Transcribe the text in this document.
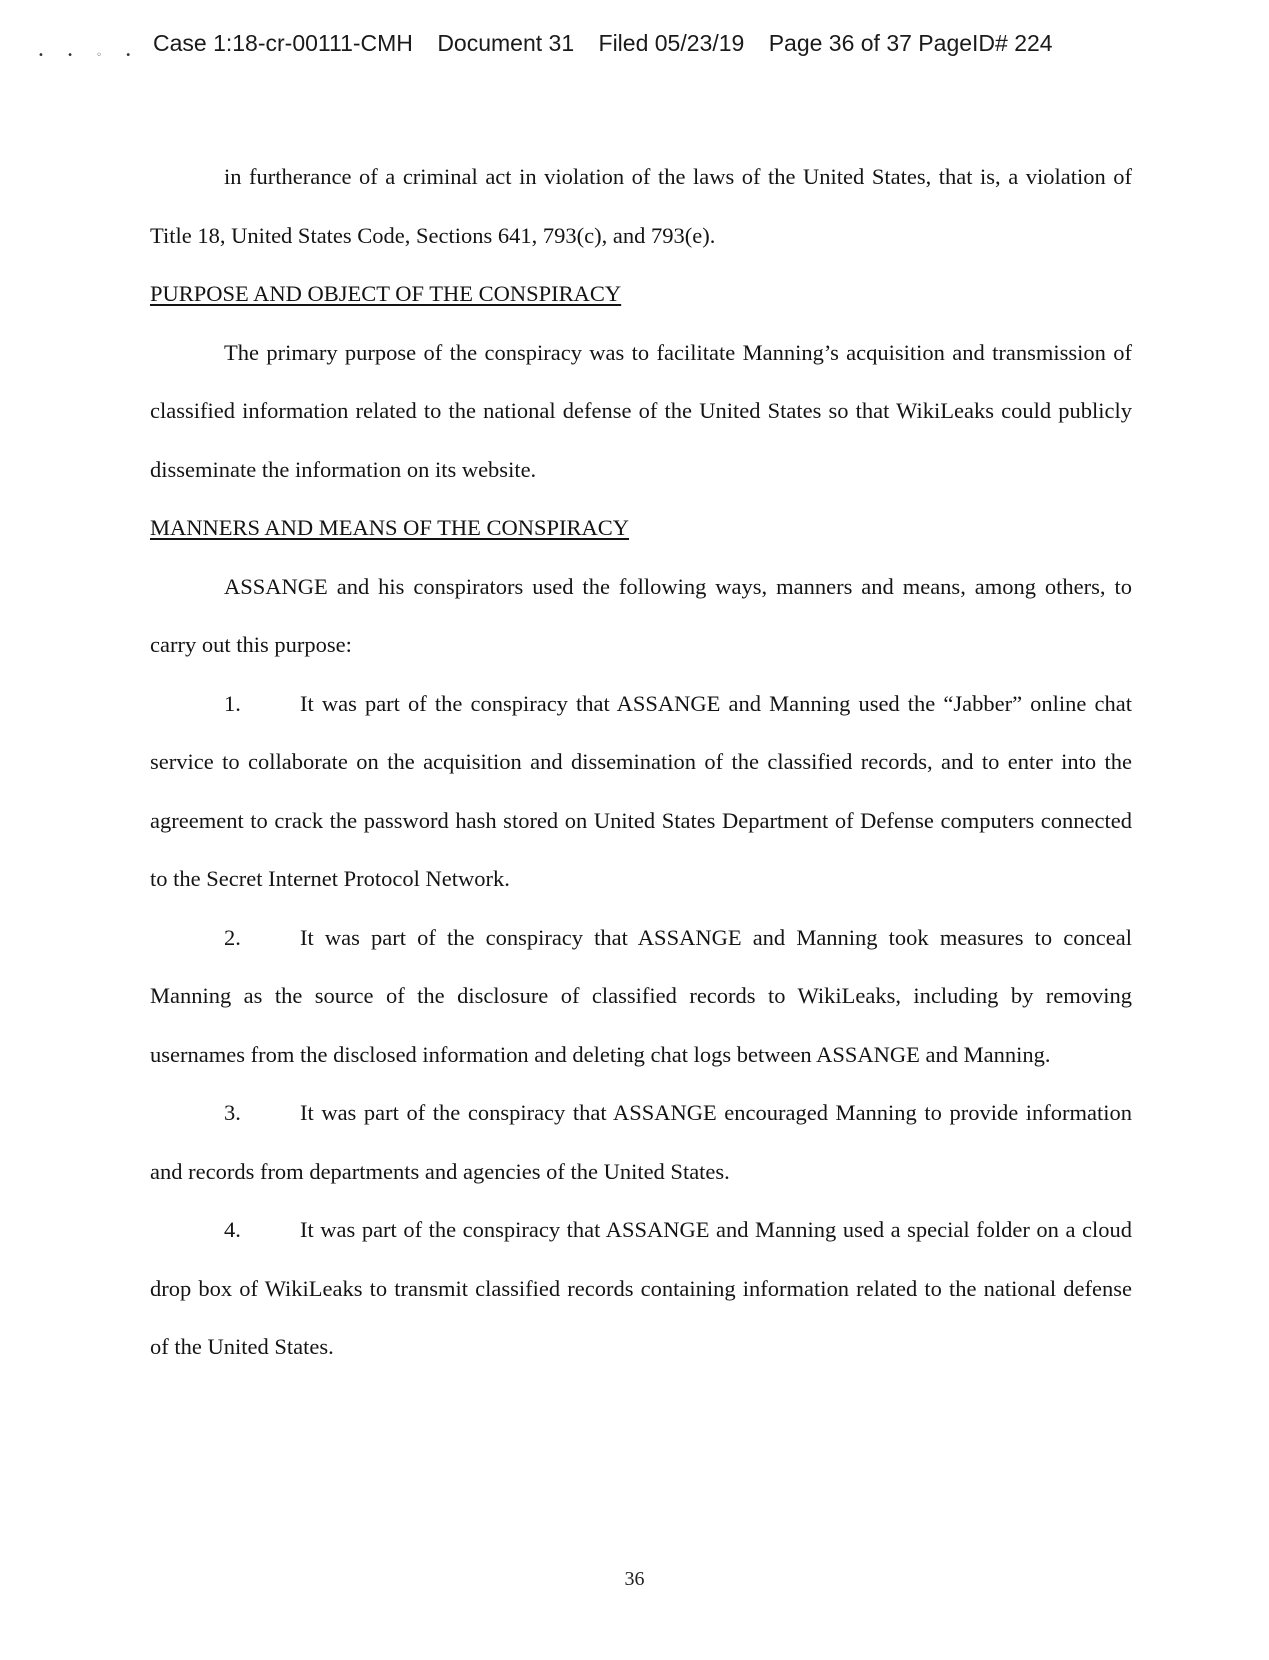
• • ◦ • Case 1:18-cr-00111-CMH Document 31 Filed 05/23/19 Page 36 of 37 PageID# 224

in furtherance of a criminal act in violation of the laws of the United States, that is, a violation of Title 18, United States Code, Sections 641, 793(c), and 793(e).

PURPOSE AND OBJECT OF THE CONSPIRACY

The primary purpose of the conspiracy was to facilitate Manning’s acquisition and transmission of classified information related to the national defense of the United States so that WikiLeaks could publicly disseminate the information on its website.

MANNERS AND MEANS OF THE CONSPIRACY

ASSANGE and his conspirators used the following ways, manners and means, among others, to carry out this purpose:

1.	It was part of the conspiracy that ASSANGE and Manning used the “Jabber” online chat service to collaborate on the acquisition and dissemination of the classified records, and to enter into the agreement to crack the password hash stored on United States Department of Defense computers connected to the Secret Internet Protocol Network.

2.	It was part of the conspiracy that ASSANGE and Manning took measures to conceal Manning as the source of the disclosure of classified records to WikiLeaks, including by removing usernames from the disclosed information and deleting chat logs between ASSANGE and Manning.

3.	It was part of the conspiracy that ASSANGE encouraged Manning to provide information and records from departments and agencies of the United States.

4.	It was part of the conspiracy that ASSANGE and Manning used a special folder on a cloud drop box of WikiLeaks to transmit classified records containing information related to the national defense of the United States.

36
